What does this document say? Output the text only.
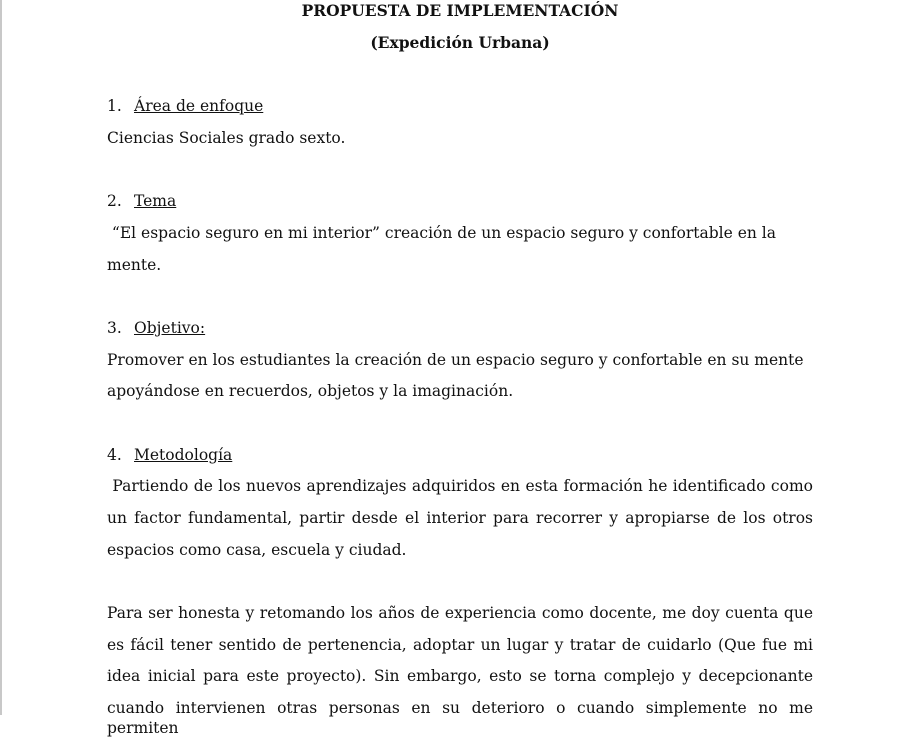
PROPUESTA DE IMPLEMENTACIÓN
(Expedición Urbana)
1. Área de enfoque
Ciencias Sociales grado sexto.
2. Tema
“El espacio seguro en mi interior” creación de un espacio seguro y confortable en la
mente.
3. Objetivo:
Promover en los estudiantes la creación de un espacio seguro y confortable en su mente
apoyándose en recuerdos, objetos y la imaginación.
4. Metodología
Partiendo de los nuevos aprendizajes adquiridos en esta formación he identificado como
un factor fundamental, partir desde el interior para recorrer y apropiarse de los otros
espacios como casa, escuela y ciudad.
Para ser honesta y retomando los años de experiencia como docente, me doy cuenta que
es fácil tener sentido de pertenencia, adoptar un lugar y tratar de cuidarlo (Que fue mi
idea inicial para este proyecto). Sin embargo, esto se torna complejo y decepcionante
cuando intervienen otras personas en su deterioro o cuando simplemente no me permiten
